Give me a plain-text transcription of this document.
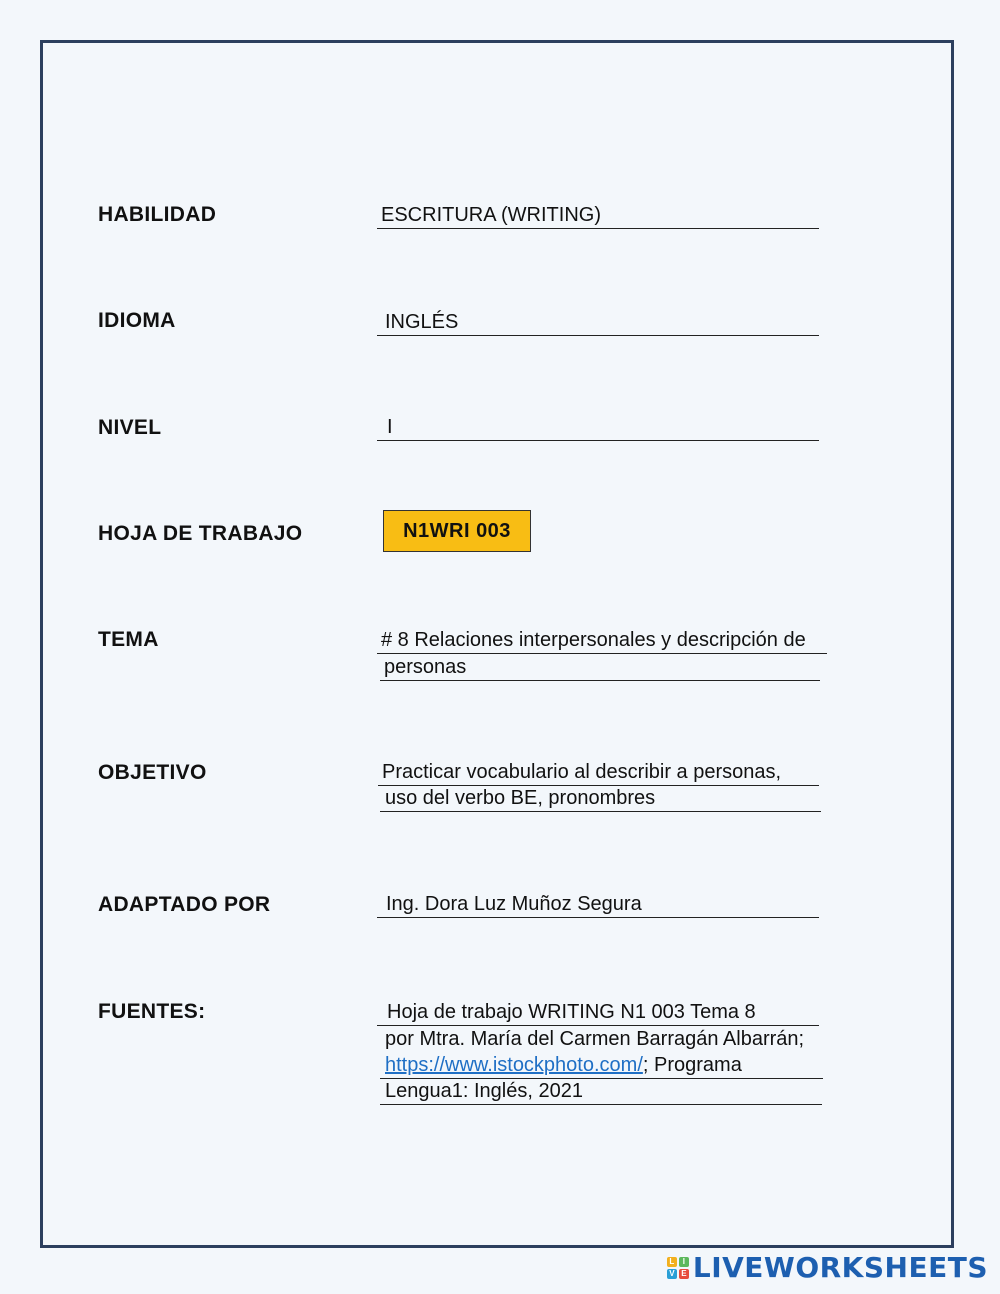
HABILIDAD	ESCRITURA (WRITING)
IDIOMA	INGLÉS
NIVEL	I
HOJA DE TRABAJO	N1WRI 003
TEMA	# 8 Relaciones interpersonales y descripción de
personas
OBJETIVO	Practicar vocabulario al describir a personas,
uso del verbo BE, pronombres
ADAPTADO POR	Ing. Dora Luz Muñoz Segura
FUENTES:	Hoja de trabajo WRITING N1 003 Tema 8
por Mtra. María del Carmen Barragán Albarrán;
https://www.istockphoto.com/; Programa
Lengua1: Inglés, 2021
L	I
V E LIVEWORKSHEETS
